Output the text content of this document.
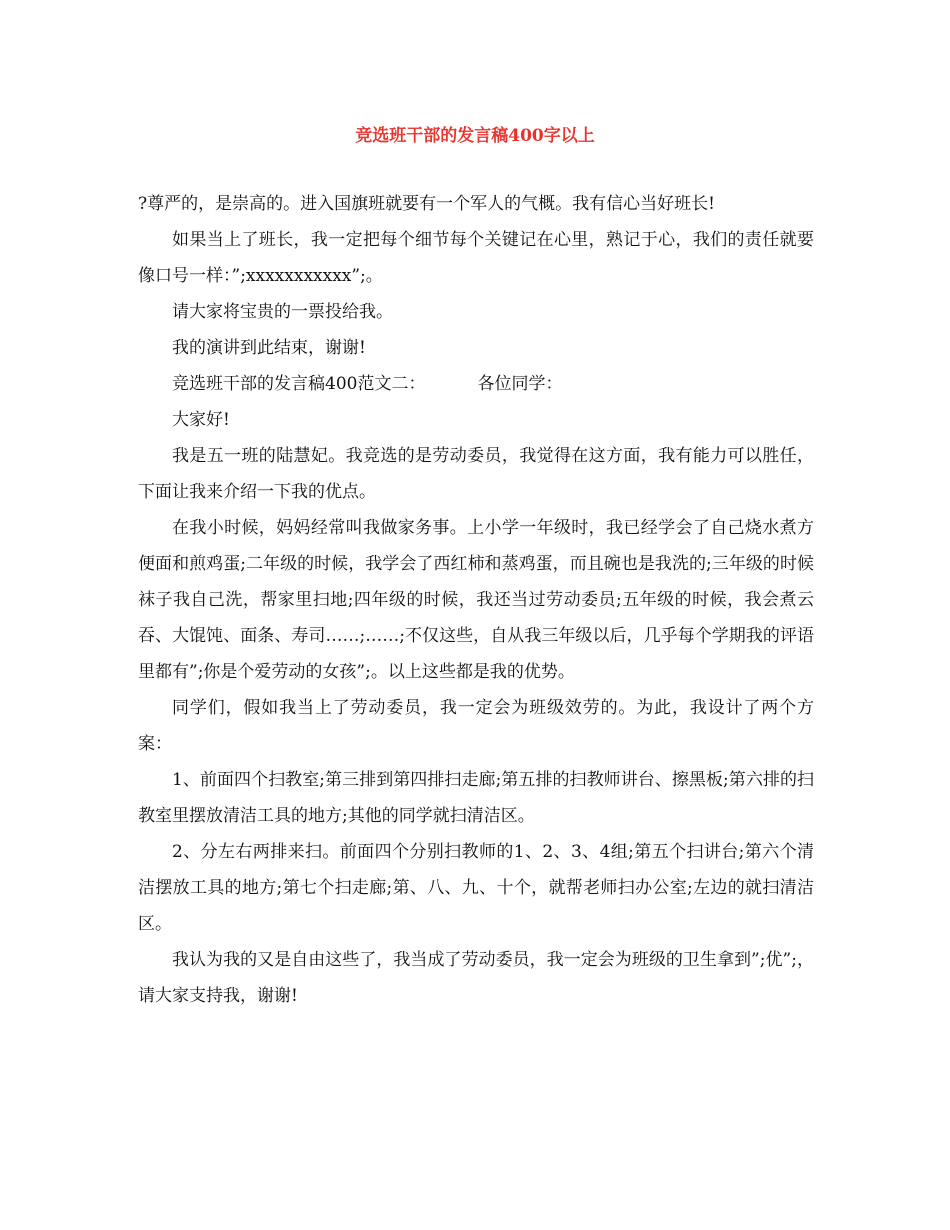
竞选班干部的发言稿400字以上

?尊严的，是崇高的。进入国旗班就要有一个军人的气概。我有信心当好班长!

如果当上了班长，我一定把每个细节每个关键记在心里，熟记于心，我们的责任就要像口号一样：”;xxxxxxxxxxx”;。

请大家将宝贵的一票投给我。

我的演讲到此结束，谢谢!

竞选班干部的发言稿400范文二：	各位同学：

大家好!

我是五一班的陆慧妃。我竞选的是劳动委员，我觉得在这方面，我有能力可以胜任，下面让我来介绍一下我的优点。

在我小时候，妈妈经常叫我做家务事。上小学一年级时，我已经学会了自己烧水煮方便面和煎鸡蛋;二年级的时候，我学会了西红柿和蒸鸡蛋，而且碗也是我洗的;三年级的时候袜子我自己洗，帮家里扫地;四年级的时候，我还当过劳动委员;五年级的时候，我会煮云吞、大馄饨、面条、寿司……;……;不仅这些，自从我三年级以后，几乎每个学期我的评语里都有”;你是个爱劳动的女孩”;。以上这些都是我的优势。

同学们，假如我当上了劳动委员，我一定会为班级效劳的。为此，我设计了两个方案：

1、前面四个扫教室;第三排到第四排扫走廊;第五排的扫教师讲台、擦黑板;第六排的扫教室里摆放清洁工具的地方;其他的同学就扫清洁区。

2、分左右两排来扫。前面四个分别扫教师的1、2、3、4组;第五个扫讲台;第六个清洁摆放工具的地方;第七个扫走廊;第、八、九、十个，就帮老师扫办公室;左边的就扫清洁区。

我认为我的又是自由这些了，我当成了劳动委员，我一定会为班级的卫生拿到”;优”;，请大家支持我，谢谢!
